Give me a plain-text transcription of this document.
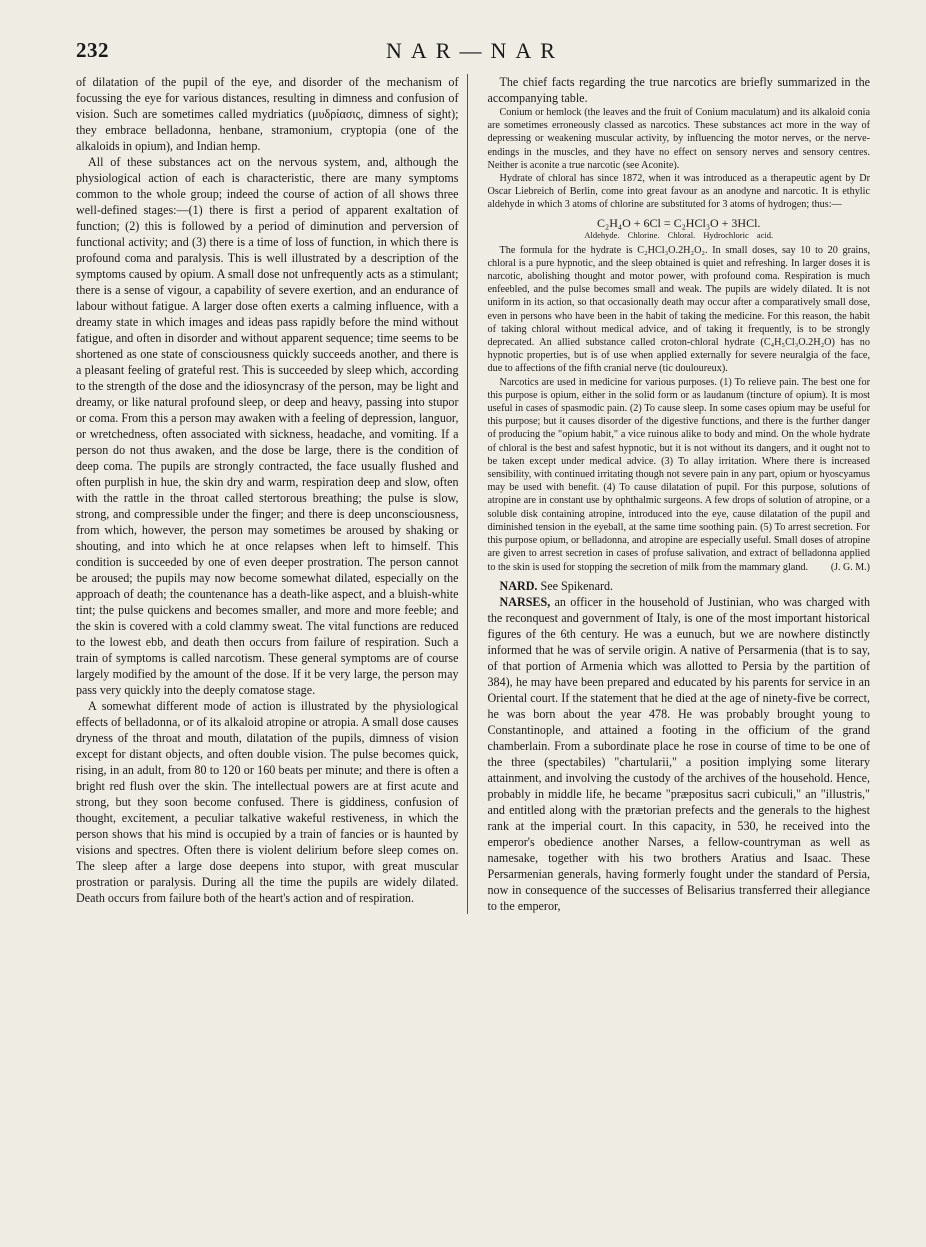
232	NAR—NAR

of dilatation of the pupil of the eye, and disorder of the mechanism of focussing the eye for various distances, resulting in dimness and confusion of vision. Such are sometimes called mydriatics (μυδρίασις, dimness of sight); they embrace belladonna, henbane, stramonium, cryptopia (one of the alkaloids in opium), and Indian hemp.

All of these substances act on the nervous system, and, although the physiological action of each is characteristic, there are many symptoms common to the whole group; indeed the course of action of all shows three well-defined stages:—(1) there is first a period of apparent exaltation of function; (2) this is followed by a period of diminution and perversion of functional activity; and (3) there is a time of loss of function, in which there is profound coma and paralysis. This is well illustrated by a description of the symptoms caused by opium. A small dose not unfrequently acts as a stimulant; there is a sense of vigour, a capability of severe exertion, and an endurance of labour without fatigue. A larger dose often exerts a calming influence, with a dreamy state in which images and ideas pass rapidly before the mind without fatigue, and often in disorder and without apparent sequence; time seems to be shortened as one state of consciousness quickly succeeds another, and there is a pleasant feeling of grateful rest. This is succeeded by sleep which, according to the strength of the dose and the idiosyncrasy of the person, may be light and dreamy, or like natural profound sleep, or deep and heavy, passing into stupor or coma. From this a person may awaken with a feeling of depression, languor, or wretchedness, often associated with sickness, headache, and vomiting. If a person do not thus awaken, and the dose be large, there is the condition of deep coma. The pupils are strongly contracted, the face usually flushed and often purplish in hue, the skin dry and warm, respiration deep and slow, often with the rattle in the throat called stertorous breathing; the pulse is slow, strong, and compressible under the finger; and there is deep unconsciousness, from which, however, the person may sometimes be aroused by shaking or shouting, and into which he at once relapses when left to himself. This condition is succeeded by one of even deeper prostration. The person cannot be aroused; the pupils may now become somewhat dilated, especially on the approach of death; the countenance has a death-like aspect, and a bluish-white tint; the pulse quickens and becomes smaller, and more and more feeble; and the skin is covered with a cold clammy sweat. The vital functions are reduced to the lowest ebb, and death then occurs from failure of respiration. Such a train of symptoms is called narcotism. These general symptoms are of course largely modified by the amount of the dose. If it be very large, the person may pass very quickly into the deeply comatose stage.

A somewhat different mode of action is illustrated by the physiological effects of belladonna, or of its alkaloid atropine or atropia. A small dose causes dryness of the throat and mouth, dilatation of the pupils, dimness of vision except for distant objects, and often double vision. The pulse becomes quick, rising, in an adult, from 80 to 120 or 160 beats per minute; and there is often a bright red flush over the skin. The intellectual powers are at first acute and strong, but they soon become confused. There is giddiness, confusion of thought, excitement, a peculiar talkative wakeful restiveness, in which the person shows that his mind is occupied by a train of fancies or is haunted by visions and spectres. Often there is violent delirium before sleep comes on. The sleep after a large dose deepens into stupor, with great muscular prostration or paralysis. During all the time the pupils are widely dilated. Death occurs from failure both of the heart's action and of respiration.

The chief facts regarding the true narcotics are briefly summarized in the accompanying table.

Conium or hemlock (the leaves and the fruit of Conium maculatum) and its alkaloid conia are sometimes erroneously classed as narcotics. These substances act more in the way of depressing or weakening muscular activity, by influencing the motor nerves, or the nerve-endings in the muscles, and they have no effect on sensory nerves and sensory centres. Neither is aconite a true narcotic (see Aconite).

Hydrate of chloral has since 1872, when it was introduced as a therapeutic agent by Dr Oscar Liebreich of Berlin, come into great favour as an anodyne and narcotic. It is ethylic aldehyde in which 3 atoms of chlorine are substituted for 3 atoms of hydrogen; thus:—

C₂H₄O + 6Cl = C₂HCl₃O + 3HCl.

Aldehyde. Chlorine. Chloral. Hydrochloric acid.

The formula for the hydrate is C₂HCl₃O.2H₂O₂. In small doses, say 10 to 20 grains, chloral is a pure hypnotic, and the sleep obtained is quiet and refreshing. In larger doses it is narcotic, abolishing thought and motor power, with profound coma. Respiration is much enfeebled, and the pulse becomes small and weak. The pupils are widely dilated. It is not uniform in its action, so that occasionally death may occur after a comparatively small dose, even in persons who have been in the habit of taking the medicine. For this reason, the habit of taking chloral without medical advice, and of taking it frequently, is to be strongly deprecated. An allied substance called croton-chloral hydrate (C₄H₅Cl₃O.2H₂O) has no hypnotic properties, but is of use when applied externally for severe neuralgia of the face, due to affections of the fifth cranial nerve (tic douloureux).

Narcotics are used in medicine for various purposes. (1) To relieve pain. The best one for this purpose is opium, either in the solid form or as laudanum (tincture of opium). It is most useful in cases of spasmodic pain. (2) To cause sleep. In some cases opium may be useful for this purpose; but it causes disorder of the digestive functions, and there is the further danger of producing the "opium habit," a vice ruinous alike to body and mind. On the whole hydrate of chloral is the best and safest hypnotic, but it is not without its dangers, and it ought not to be taken except under medical advice. (3) To allay irritation. Where there is increased sensibility, with continued irritating though not severe pain in any part, opium or hyoscyamus may be used with benefit. (4) To cause dilatation of pupil. For this purpose, solutions of atropine are in constant use by ophthalmic surgeons. A few drops of solution of atropine, or a soluble disk containing atropine, introduced into the eye, cause dilatation of the pupil and diminished tension in the eyeball, at the same time soothing pain. (5) To arrest secretion. For this purpose opium, or belladonna, and atropine are especially useful. Small doses of atropine are given to arrest secretion in cases of profuse salivation, and extract of belladonna applied to the skin is used for stopping the secretion of milk from the mammary gland.	(J. G. M.)

NARD. See Spikenard.

NARSES, an officer in the household of Justinian, who was charged with the reconquest and government of Italy, is one of the most important historical figures of the 6th century. He was a eunuch, but we are nowhere distinctly informed that he was of servile origin. A native of Persarmenia (that is to say, of that portion of Armenia which was allotted to Persia by the partition of 384), he may have been prepared and educated by his parents for service in an Oriental court. If the statement that he died at the age of ninety-five be correct, he was born about the year 478. He was probably brought young to Constantinople, and attained a footing in the officium of the grand chamberlain. From a subordinate place he rose in course of time to be one of the three (spectabiles) "chartularii," a position implying some literary attainment, and involving the custody of the archives of the household. Hence, probably in middle life, he became "præpositus sacri cubiculi," an "illustris," and entitled along with the prætorian prefects and the generals to the highest rank at the imperial court. In this capacity, in 530, he received into the emperor's obedience another Narses, a fellow-countryman as well as namesake, together with his two brothers Aratius and Isaac. These Persarmenian generals, having formerly fought under the standard of Persia, now in consequence of the successes of Belisarius transferred their allegiance to the emperor,
